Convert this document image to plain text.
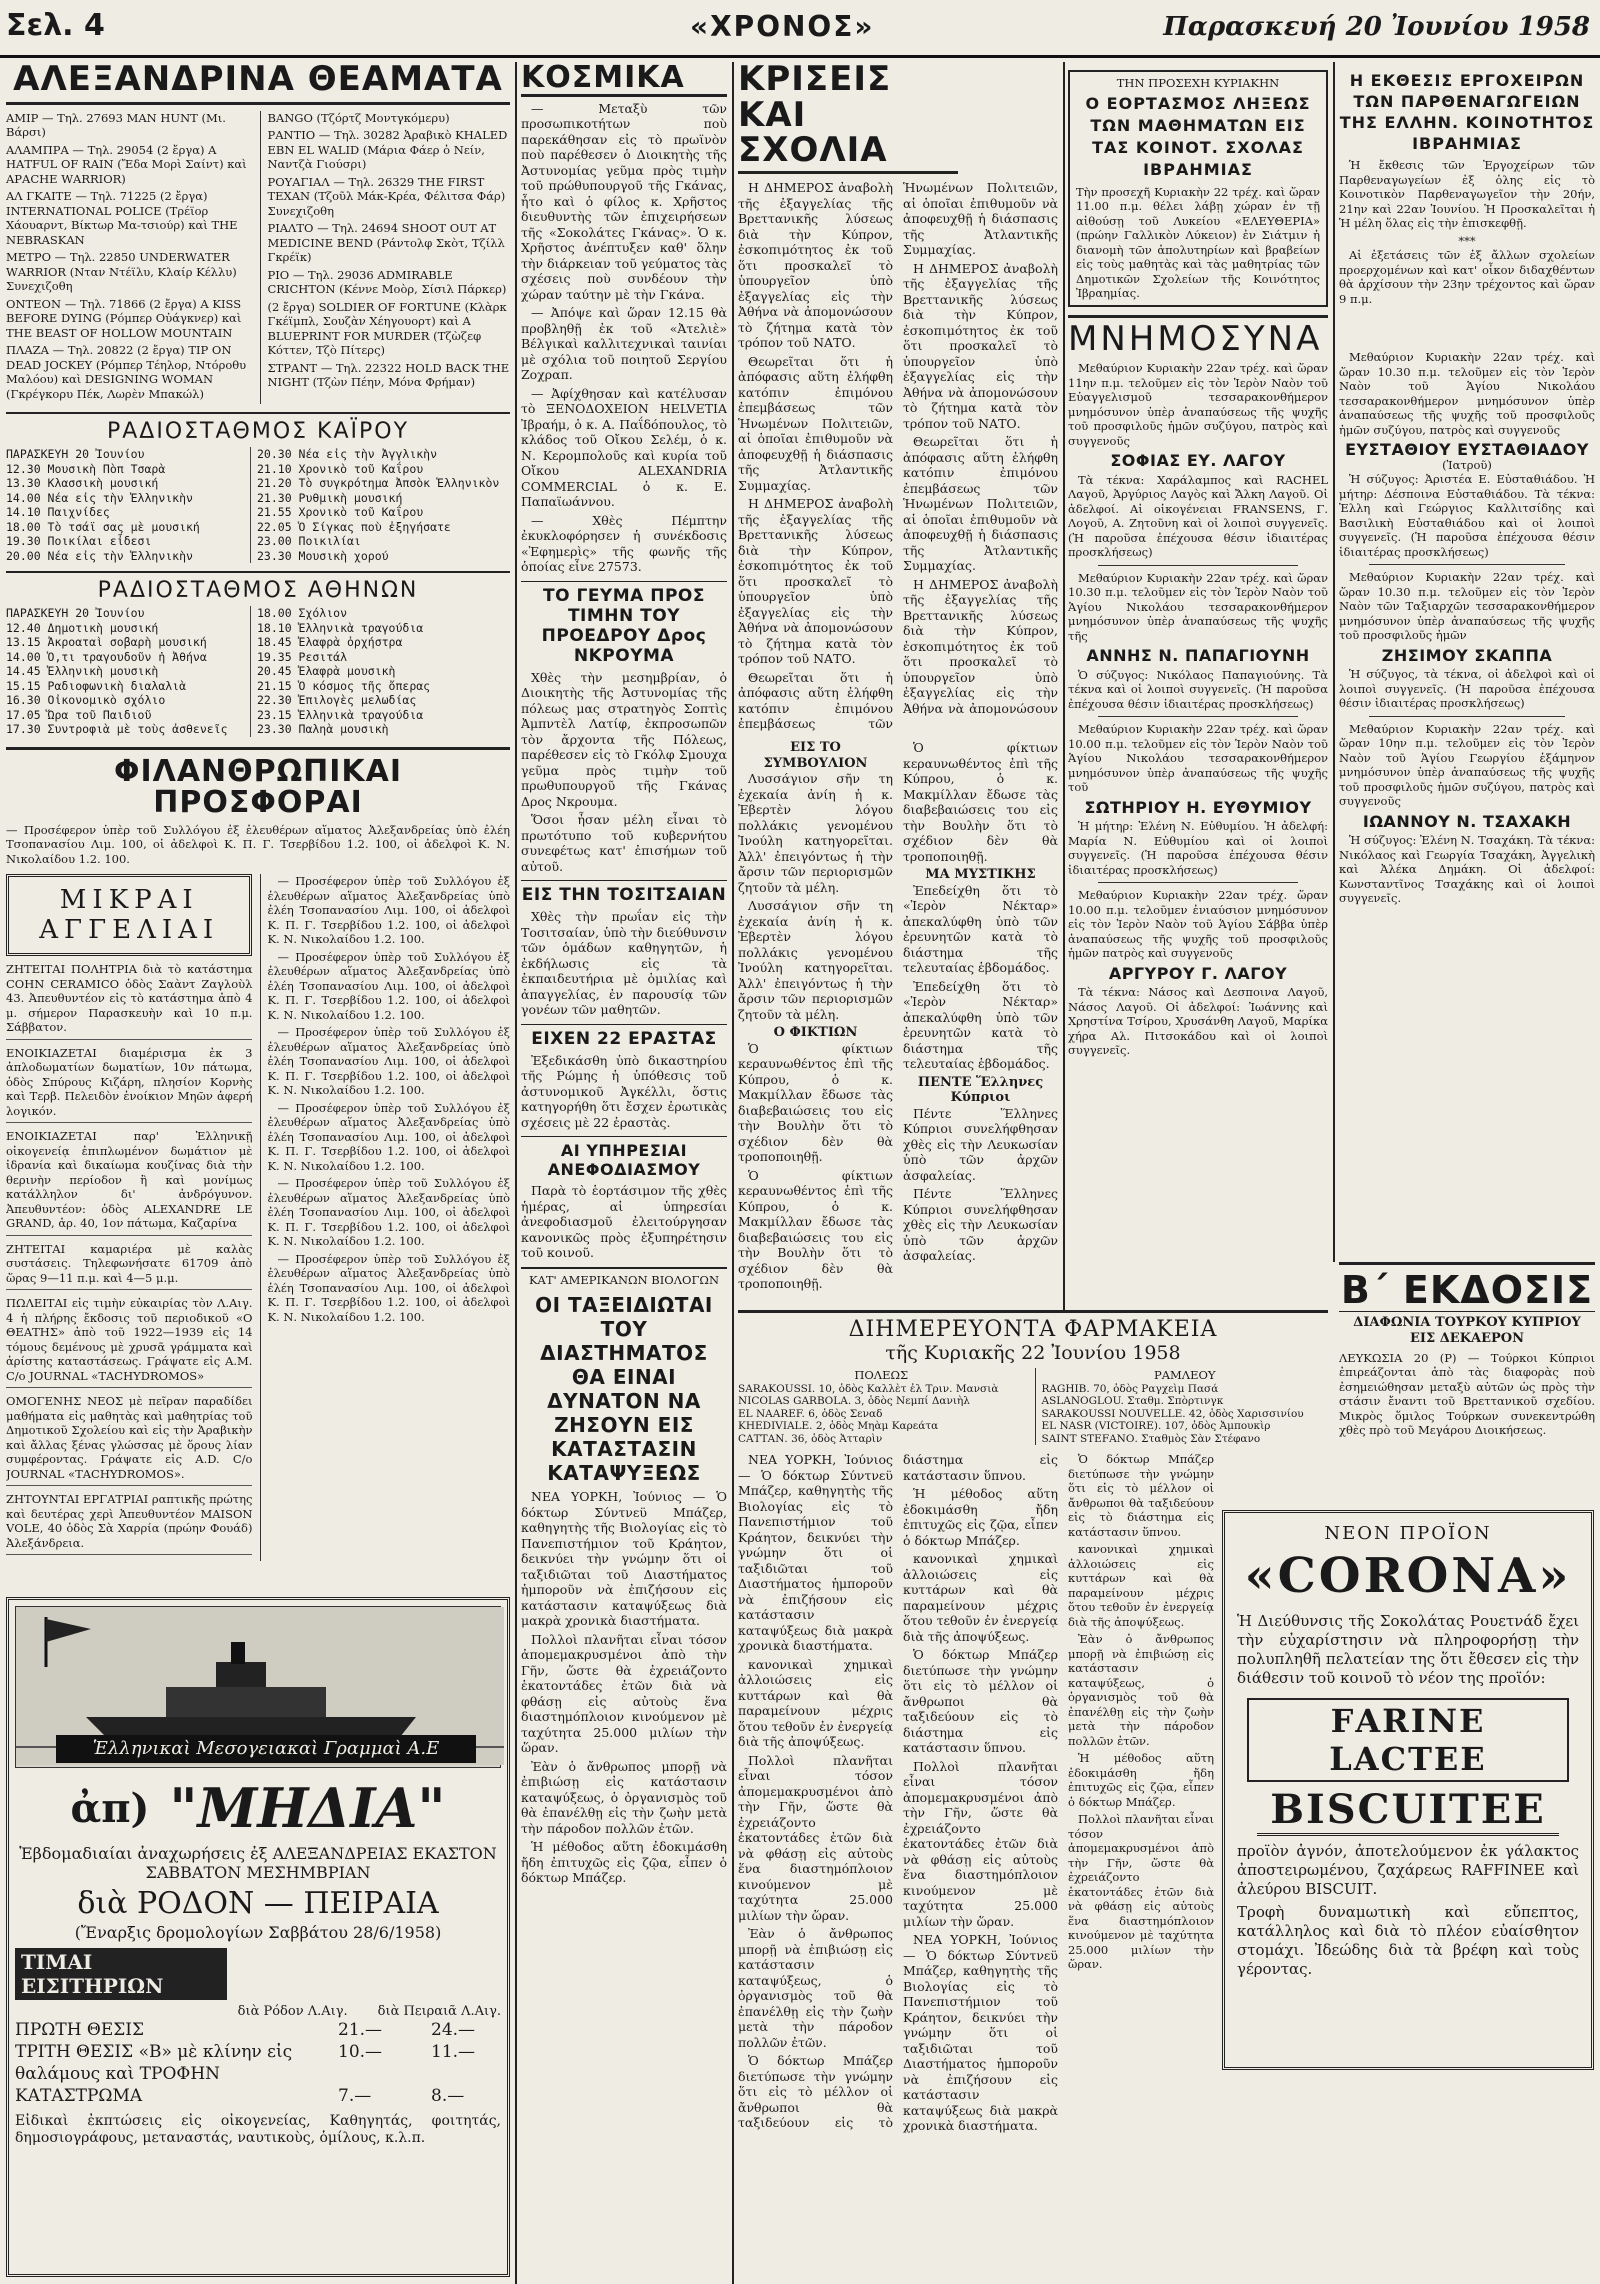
Σελ. 4	«ΧΡΟΝΟΣ»	Παρασκευή 20 Ἰουνίου 1958
ΑΛΕΞΑΝΔΡΙΝΑ ΘΕΑΜΑΤΑ
ΑΜΙΡ — Τηλ. 27693 ΜΑΝ ΗUΝΤ (Μι. Βάρσι)
ΑΛΑΜΠΡΑ — Τηλ. 29054 (2 ἔργα) Α ΗΑΤFUL ΟF RΑΙΝ (Ἔδα Μορὶ Σαίντ) καὶ ΑΡΑCΗΕ WΑRRΙΟR)
ΑΛ ΓΚΑΙΤΕ — Τηλ. 71225 (2 ἔργα) ΙΝΤΕRΝΑΤΙΟΝΑL ΡΟLΙCΕ (Τρέϊορ Χάουαρντ, Βίκτωρ Μα-τσιούρ) καὶ ΤΗΕ ΝΕΒRΑSΚΑΝ
ΜΕΤΡΟ — Τηλ. 22850 UΝDΕRWΑΤΕR WΑRRΙΟR (Νταν Ντέϊλυ, Κλαίρ Κέλλυ) Συνεχιζοθη
ΟΝΤΕΟΝ — Τηλ. 71866 (2 ἔργα) Α ΚΙSS ΒΕFΟRΕ DΥΙΝG (Ρόμπερ Οὐάγκνερ) καὶ ΤΗΕ ΒΕΑSΤ ΟF ΗΟLLΟW ΜΟUΝΤΑΙΝ
ΠΛΑΖΑ — Τηλ. 20822 (2 ἔργα) ΤΙΡ ΟΝ DΕΑD JΟCΚΕΥ (Ρόμπερ Τέηλορ, Ντόροθυ Μαλόου) καὶ DΕSΙGΝΙΝG WΟΜΑΝ (Γκρέγκορυ Πέκ, Λωρὲν Μπακώλ)
ΒΑΝGΟ (Τζόρτζ Μοντγκόμερυ)
ΡΑΝΤΙΟ — Τηλ. 30282 Ἀραβικὸ ΚΗΑLΕD ΕΒΝ ΕL WΑLΙD (Μάρια Φάερ ὁ Νείν, Ναντζὰ Γιούσρι)
ΡΟΥΑΓΙΑΛ — Τηλ. 26329 ΤΗΕ FΙRSΤ ΤΕΧΑΝ (Τζοῦλ Μάκ-Κρέα, Φέλιτσα Φάρ) Συνεχιζοθη
ΡΙΑΛΤΟ — Τηλ. 24694 SΗΟΟΤ ΟUΤ ΑΤ ΜΕDΙCΙΝΕ ΒΕΝD (Ράντολφ Σκὸτ, Τζίλλ Γκρέϊκ)
ΡΙΟ — Τηλ. 29036 ΑDΜΙRΑΒLΕ CRΙCΗΤΟΝ (Κέννε Μοὸρ, Σίσιλ Πάρκερ)
(2 ἔργα) SΟLDΙΕR ΟF FΟRΤUΝΕ (Κλὰρκ Γκέϊμπλ, Σουζὰν Χέηγουορτ) καὶ Α ΒLUΕΡRΙΝΤ FΟR ΜURDΕR (Τζὼζεφ Κόττεν, Τζὸ Πίτερς)
ΣΤΡΑΝΤ — Τηλ. 22322 ΗΟLD ΒΑCΚ ΤΗΕ ΝΙGΗΤ (Τζὼν Πέην, Μόνα Φρήμαν)
ΡΑΔΙΟΣΤΑΘΜΟΣ ΚΑΪΡΟΥ
ΠΑΡΑΣΚΕΥΗ 20 Ἰουνίου
12.30 Μουσικὴ Πὸπ Τσαρὰ
13.30 Κλασσικὴ μουσική
14.00 Νέα εἰς τὴν Ἑλληνικὴν
14.10 Παιχνίδες
18.00 Τὸ τσάϊ σας μὲ μουσική
19.30 Ποικίλαι εἶδεσι
20.00 Νέα εἰς τὴν Ἑλληνικὴν
20.30 Νέα εἰς τὴν Ἀγγλικὴν
21.10 Χρονικὸ τοῦ Καΐρου
21.20 Τὸ συγκρότημα Ἀπσὸκ Ἑλληνικὸν
21.30 Ρυθμικὴ μουσική
21.55 Χρονικὸ τοῦ Καΐρου
22.05 Ὁ Σίγκας ποὺ ἐξηγήσατε
23.00 Ποικιλίαι
23.30 Μουσικὴ χορού
ΡΑΔΙΟΣΤΑΘΜΟΣ ΑΘΗΝΩΝ
ΠΑΡΑΣΚΕΥΗ 20 Ἰουνίου
12.40 Δημοτικὴ μουσική
13.15 Ἀκροαταὶ σοβαρὴ μουσική
14.00 Ὁ,τι τραγουδοῦν ἡ Ἀθήνα
14.45 Ἑλληνικὴ μουσικὴ
15.15 Ραδιοφωνικὴ διαλαλιὰ
16.30 Οἰκονομικὸ σχόλιο
17.05 Ὥρα τοῦ Παιδιοῦ
17.30 Συντροφιὰ μὲ τοὺς ἀσθενεῖς
18.00 Σχόλιον
18.10 Ἑλληνικὰ τραγούδια
18.45 Ἐλαφρὰ ὀρχήστρα
19.35 Ρεσιτάλ
20.45 Ἐλαφρὰ μουσικὴ
21.15 Ὁ κόσμος τῆς ὄπερας
22.30 Ἐπιλογὲς μελωδίας
23.15 Ἑλληνικὰ τραγούδια
23.30 Παληὰ μουσικὴ
ΦΙΛΑΝΘΡΩΠΙΚΑΙ ΠΡΟΣΦΟΡΑΙ
— Προσέφερον ὑπὲρ τοῦ Συλλόγου ἐξ ἐλευθέρων αἵματος Ἀλεξανδρείας ὑπὸ ἐλέη Τσοπανασίου Λιμ. 100, οἱ ἀδελφοὶ Κ. Π. Γ. Τσερβίδου 1.2. 100, οἱ ἀδελφοὶ Κ. Ν. Νικολαίδου 1.2. 100.
ΜΙΚΡΑΙ
ΑΓΓΕΛΙΑΙ
ΖΗΤΕΙΤΑΙ ΠΟΛΗΤΡΙΑ διὰ τὸ κατάστημα CΟΗΝ CΕRΑΜΙCΟ ὁδὸς Σαὰντ Ζαγλοὺλ 43. Ἀπευθυντέον εἰς τὸ κατάστημα ἀπὸ 4 μ. σήμερον Παρασκευὴν καὶ 10 π.μ. Σάββατον.
ΕΝΟΙΚΙΑΖΕΤΑΙ διαμέρισμα ἐκ 3 ἀπλοδωματίων δωματίων, 10ν πάτωμα, ὁδὸς Σπύρους Κιζάρη, πλησίον Κορνὴς καὶ Τερβ. Πελειδὸν ἐνοίκιον Μηῶν ἀφερή λογικόν.
ΕΝΟΙΚΙΑΖΕΤΑΙ παρ' Ἑλληνικῇ οἰκογενείᾳ ἐπιπλωμένον δωμάτιον μὲ ἰδρανία καὶ δικαίωμα κουζίνας διὰ τὴν θερινὴν περίοδον ἢ καὶ μονίμως κατάλληλον δι' ἀνδρόγυνον. Ἀπευθυντέον: ὁδὸς ΑLΕΧΑΝDRΕ LΕ GRΑΝD, ἀρ. 40, 1ον πάτωμα, Καζαρίνα
ΖΗΤΕΙΤΑΙ καμαριέρα μὲ καλὰς συστάσεις. Τηλεφωνήσατε 61709 ἀπὸ ὥρας 9—11 π.μ. καὶ 4—5 μ.μ.
ΠΩΛΕΙΤΑΙ εἰς τιμὴν εὐκαιρίας τὸν Λ.Αιγ. 4 ἡ πλήρης ἔκδοσις τοῦ περιοδικοῦ «Ο ΘΕΑΤΗΣ» ἀπὸ τοῦ 1922—1939 εἰς 14 τόμους δεμένους μὲ χρυσᾶ γράμματα καὶ ἀρίστης καταστάσεως. Γράψατε εἰς Α.Μ. C/ο JΟURΝΑL «ΤΑCΗΥDRΟΜΟS»
ΟΜΟΓΕΝΗΣ ΝΕΟΣ μὲ πεῖραν παραδίδει μαθήματα εἰς μαθητὰς καὶ μαθητρίας τοῦ Δημοτικοῦ Σχολείου καὶ εἰς τὴν Ἀραβικὴν καὶ ἄλλας ξένας γλώσσας μὲ ὅρους λίαν συμφέροντας. Γράψατε εἰς Α.D. C/ο JΟURΝΑL «ΤΑCΗΥDRΟΜΟS».
ΖΗΤΟΥΝΤΑΙ ΕΡΓΑΤΡΙΑΙ ραπτικῆς πρώτης καὶ δευτέρας χερὶ Ἀπευθυντέον ΜΑΙSΟΝ VΟLΕ, 40 ὁδὸς Σὰ Χαρρία (πρώην Φουάδ) Ἀλεξάνδρεια.

— Προσέφερον ὑπὲρ τοῦ Συλλόγου ἐξ ἐλευθέρων αἵματος Ἀλεξανδρείας ὑπὸ ἐλέη Τσοπανασίου Λιμ. 100, οἱ ἀδελφοὶ Κ. Π. Γ. Τσερβίδου 1.2. 100, οἱ ἀδελφοὶ Κ. Ν. Νικολαίδου 1.2. 100.

— Προσέφερον ὑπὲρ τοῦ Συλλόγου ἐξ ἐλευθέρων αἵματος Ἀλεξανδρείας ὑπὸ ἐλέη Τσοπανασίου Λιμ. 100, οἱ ἀδελφοὶ Κ. Π. Γ. Τσερβίδου 1.2. 100, οἱ ἀδελφοὶ Κ. Ν. Νικολαίδου 1.2. 100.

— Προσέφερον ὑπὲρ τοῦ Συλλόγου ἐξ ἐλευθέρων αἵματος Ἀλεξανδρείας ὑπὸ ἐλέη Τσοπανασίου Λιμ. 100, οἱ ἀδελφοὶ Κ. Π. Γ. Τσερβίδου 1.2. 100, οἱ ἀδελφοὶ Κ. Ν. Νικολαίδου 1.2. 100.

— Προσέφερον ὑπὲρ τοῦ Συλλόγου ἐξ ἐλευθέρων αἵματος Ἀλεξανδρείας ὑπὸ ἐλέη Τσοπανασίου Λιμ. 100, οἱ ἀδελφοὶ Κ. Π. Γ. Τσερβίδου 1.2. 100, οἱ ἀδελφοὶ Κ. Ν. Νικολαίδου 1.2. 100.

— Προσέφερον ὑπὲρ τοῦ Συλλόγου ἐξ ἐλευθέρων αἵματος Ἀλεξανδρείας ὑπὸ ἐλέη Τσοπανασίου Λιμ. 100, οἱ ἀδελφοὶ Κ. Π. Γ. Τσερβίδου 1.2. 100, οἱ ἀδελφοὶ Κ. Ν. Νικολαίδου 1.2. 100.

— Προσέφερον ὑπὲρ τοῦ Συλλόγου ἐξ ἐλευθέρων αἵματος Ἀλεξανδρείας ὑπὸ ἐλέη Τσοπανασίου Λιμ. 100, οἱ ἀδελφοὶ Κ. Π. Γ. Τσερβίδου 1.2. 100, οἱ ἀδελφοὶ Κ. Ν. Νικολαίδου 1.2. 100.

Ἑλληνικαὶ Μεσογειακαὶ Γραμμαὶ Α.Ε
ἀπ) "ΜΗΔΙΑ"
Ἑβδομαδιαίαι ἀναχωρήσεις ἐξ ΑΛΕΞΑΝΔΡΕΙΑΣ ΕΚΑΣΤΟΝ ΣΑΒΒΑΤΟΝ ΜΕΣΗΜΒΡΙΑΝ
διὰ ΡΟΔΟΝ — ΠΕΙΡΑΙΑ
(Ἔναρξις δρομολογίων Σαββάτου 28/6/1958)
ΤΙΜΑΙ ΕΙΣΙΤΗΡΙΩΝ
διὰ Ρόδον Λ.Αιγ. διὰ Πειραιᾶ Λ.Αιγ.
ΠΡΩΤΗ ΘΕΣΙΣ	21.—	24.—
ΤΡΙΤΗ ΘΕΣΙΣ «Β» μὲ κλίνην εἰς θαλάμους καὶ ΤΡΟΦΗΝ
10.—	11.—
ΚΑΤΑΣΤΡΩΜΑ	7.—	8.—
Εἰδικαὶ ἐκπτώσεις εἰς οἰκογενείας, Καθηγητάς, φοιτητάς, δημοσιογράφους, μεταναστάς, ναυτικοὺς, ὁμίλους, κ.λ.π.
ΚΟΣΜΙΚΑ

— Μεταξὺ τῶν προσωπικοτήτων ποὺ παρεκάθησαν εἰς τὸ πρωϊνὸν ποὺ παρέθεσεν ὁ Διοικητὴς τῆς Ἀστυνομίας γεῦμα πρὸς τιμὴν τοῦ πρώθυπουργοῦ τῆς Γκάνας, ἦτο καὶ ὁ φίλος κ. Χρῆστος διευθυντὴς τῶν ἐπιχειρήσεων τῆς «Σοκολάτες Γκάνας». Ὁ κ. Χρῆστος ἀνέπτυξεν καθ' ὅλην τὴν διάρκειαν τοῦ γεύματος τὰς σχέσεις ποὺ συνδέουν τὴν χώραν ταύτην μὲ τὴν Γκάνα.

— Ἀπόψε καὶ ὥραν 12.15 θὰ προβληθῇ ἐκ τοῦ «Ἀτελιὲ» Βέλγικαὶ καλλιτεχνικαὶ ταινίαι μὲ σχόλια τοῦ ποιητοῦ Σεργίου Ζοχραπ.

— Ἀφίχθησαν καὶ κατέλυσαν τὸ ΞΕΝΟΔΟΧΕΙΟΝ ΗΕLVΕΤΙΑ Ἰβραήμ, ὁ κ. Α. Παΐδόπουλος, τὸ κλάδος τοῦ Οἴκου Σελέμ, ὁ κ. Ν. Κερομπολοῦς καὶ κυρία τοῦ Οἴκου ΑLΕΧΑΝDRΙΑ CΟΜΜΕRCΙΑL ὁ κ. Ε. Παπαϊωάννου.

— Χθὲς Πέμπτην ἐκυκλοφόρησεν ἡ συνέκδοσις «Ἐφημερὶς» τῆς φωνῆς τῆς ὁποίας εἶνε 27573.

ΤΟ ΓΕΥΜΑ ΠΡΟΣ ΤΙΜΗΝ ΤΟΥ ΠΡΟΕΔΡΟΥ Δρος ΝΚΡΟΥΜΑ

Χθὲς τὴν μεσημβρίαν, ὁ Διοικητὴς τῆς Ἀστυνομίας τῆς πόλεως μας στρατηγὸς Σοπτὶς Ἀμπντὲλ Λατίφ, ἐκπροσωπῶν τὸν ἄρχοντα τῆς Πόλεως, παρέθεσεν εἰς τὸ Γκόλφ Σμουχα γεῦμα πρὸς τιμὴν τοῦ πρωθυπουργοῦ τῆς Γκάνας Δρος Νκρουμα.

Ὅσοι ἦσαν μέλη εἶναι τὸ πρωτότυπο τοῦ κυβερνήτου συνεφέτως κατ' ἐπισήμων τοῦ αὐτοῦ.

ΕΙΣ ΤΗΝ ΤΟΣΙΤΣΑΙΑΝ

Χθὲς τὴν πρωΐαν εἰς τὴν Τοσιτσαίαν, ὑπὸ τὴν διεύθυνσιν τῶν ὁμάδων καθηγητῶν, ἡ ἐκδήλωσις εἰς τὰ ἐκπαιδευτήρια μὲ ὁμιλίας καὶ ἀπαγγελίας, ἐν παρουσίᾳ τῶν γονέων τῶν μαθητῶν.

ΕΙΧΕΝ 22 ΕΡΑΣΤΑΣ

Ἐξεδικάσθη ὑπὸ δικαστηρίου τῆς Ρώμης ἡ ὑπόθεσις τοῦ ἀστυνομικοῦ Ἀγκέλλι, ὅστις κατηγορήθη ὅτι ἔσχεν ἐρωτικὰς σχέσεις μὲ 22 ἐραστὰς.

ΑΙ ΥΠΗΡΕΣΙΑΙ ΑΝΕΦΟΔΙΑΣΜΟΥ

Παρὰ τὸ ἑορτάσιμον τῆς χθὲς ἡμέρας, αἱ ὑπηρεσίαι ἀνεφοδιασμοῦ ἐλειτούργησαν κανονικῶς πρὸς ἐξυπηρέτησιν τοῦ κοινοῦ.

ΚΑΤ' ΑΜΕΡΙΚΑΝΩΝ ΒΙΟΛΟΓΩΝ
ΟΙ ΤΑΞΕΙΔΙΩΤΑΙ ΤΟΥ ΔΙΑΣΤΗΜΑΤΟΣ ΘΑ ΕΙΝΑΙ ΔΥΝΑΤΟΝ ΝΑ ΖΗΣΟΥΝ ΕΙΣ ΚΑΤΑΣΤΑΣΙΝ ΚΑΤΑΨΥΞΕΩΣ

ΝΕΑ ΥΟΡΚΗ, Ἰούνιος — Ὁ δόκτωρ Σύντνεϋ Μπάζερ, καθηγητὴς τῆς Βιολογίας εἰς τὸ Πανεπιστήμιον τοῦ Κράητον, δεικνύει τὴν γνώμην ὅτι οἱ ταξιδιῶται τοῦ Διαστήματος ἡμποροῦν νὰ ἐπιζήσουν εἰς κατάστασιν καταψύξεως διὰ μακρὰ χρονικὰ διαστήματα.

Πολλοὶ πλανῆται εἶναι τόσον ἀπομεμακρυσμένοι ἀπὸ τὴν Γῆν, ὥστε θὰ ἐχρειάζοντο ἑκατοντάδες ἐτῶν διὰ νὰ φθάσῃ εἰς αὐτοὺς ἕνα διαστημόπλοιον κινούμενον μὲ ταχύτητα 25.000 μιλίων τὴν ὥραν.

Ἐὰν ὁ ἄνθρωπος μπορῇ νὰ ἐπιβιώσῃ εἰς κατάστασιν καταψύξεως, ὁ ὀργανισμὸς τοῦ θὰ ἐπανέλθῃ εἰς τὴν ζωὴν μετὰ τὴν πάροδον πολλῶν ἐτῶν.

Ἡ μέθοδος αὕτη ἐδοκιμάσθη ἤδη ἐπιτυχῶς εἰς ζῷα, εἶπεν ὁ δόκτωρ Μπάζερ.

ΚΡΙΣΕΙΣ ΚΑΙ ΣΧΟΛΙΑ

Η ΔΗΜΕΡΟΣ ἀναβολὴ τῆς ἐξαγγελίας τῆς Βρεττανικῆς λύσεως διὰ τὴν Κύπρον, ἐσκοπιμότητος ἐκ τοῦ ὅτι προσκαλεῖ τὸ ὑπουργεῖον ὑπὸ ἐξαγγελίας εἰς τὴν Ἀθήνα νὰ ἀπομονώσουν τὸ ζήτημα κατὰ τὸν τρόπον τοῦ ΝΑΤΟ.

Θεωρεῖται ὅτι ἡ ἀπόφασις αὕτη ἐλήφθη κατόπιν ἐπιμόνου ἐπεμβάσεως τῶν Ἡνωμένων Πολιτειῶν, αἱ ὁποῖαι ἐπιθυμοῦν νὰ ἀποφευχθῇ ἡ διάσπασις τῆς Ἀτλαντικῆς Συμμαχίας.

Η ΔΗΜΕΡΟΣ ἀναβολὴ τῆς ἐξαγγελίας τῆς Βρεττανικῆς λύσεως διὰ τὴν Κύπρον, ἐσκοπιμότητος ἐκ τοῦ ὅτι προσκαλεῖ τὸ ὑπουργεῖον ὑπὸ ἐξαγγελίας εἰς τὴν Ἀθήνα νὰ ἀπομονώσουν τὸ ζήτημα κατὰ τὸν τρόπον τοῦ ΝΑΤΟ.

Θεωρεῖται ὅτι ἡ ἀπόφασις αὕτη ἐλήφθη κατόπιν ἐπιμόνου ἐπεμβάσεως τῶν Ἡνωμένων Πολιτειῶν, αἱ ὁποῖαι ἐπιθυμοῦν νὰ ἀποφευχθῇ ἡ διάσπασις τῆς Ἀτλαντικῆς Συμμαχίας.

Η ΔΗΜΕΡΟΣ ἀναβολὴ τῆς ἐξαγγελίας τῆς Βρεττανικῆς λύσεως διὰ τὴν Κύπρον, ἐσκοπιμότητος ἐκ τοῦ ὅτι προσκαλεῖ τὸ ὑπουργεῖον ὑπὸ ἐξαγγελίας εἰς τὴν Ἀθήνα νὰ ἀπομονώσουν τὸ ζήτημα κατὰ τὸν τρόπον τοῦ ΝΑΤΟ.

Θεωρεῖται ὅτι ἡ ἀπόφασις αὕτη ἐλήφθη κατόπιν ἐπιμόνου ἐπεμβάσεως τῶν Ἡνωμένων Πολιτειῶν, αἱ ὁποῖαι ἐπιθυμοῦν νὰ ἀποφευχθῇ ἡ διάσπασις τῆς Ἀτλαντικῆς Συμμαχίας.

Η ΔΗΜΕΡΟΣ ἀναβολὴ τῆς ἐξαγγελίας τῆς Βρεττανικῆς λύσεως διὰ τὴν Κύπρον, ἐσκοπιμότητος ἐκ τοῦ ὅτι προσκαλεῖ τὸ ὑπουργεῖον ὑπὸ ἐξαγγελίας εἰς τὴν Ἀθήνα νὰ ἀπομονώσουν

ΕΙΣ ΤΟ ΣΥΜΒΟΥΛΙΟΝ

Λυσσάγιον σῆν τη ἐχεκαία ἀνίη ἡ κ. Ἐβερτὲν λόγου πολλάκις γενομένου Ἰνούλη κατηγορεῖται. Ἀλλ' ἐπειγόντως ἡ τὴν ἄρσιν τῶν περιορισμῶν ζητοῦν τὰ μέλη.

Λυσσάγιον σῆν τη ἐχεκαία ἀνίη ἡ κ. Ἐβερτὲν λόγου πολλάκις γενομένου Ἰνούλη κατηγορεῖται. Ἀλλ' ἐπειγόντως ἡ τὴν ἄρσιν τῶν περιορισμῶν ζητοῦν τὰ μέλη.

Ο ΦΙΚΤΙΩΝ

Ὁ φίκτιων κεραυνωθέντος ἐπὶ τῆς Κύπρου, ὁ κ. Μακμίλλαν ἔδωσε τὰς διαβεβαιώσεις του εἰς τὴν Βουλὴν ὅτι τὸ σχέδιον δὲν θὰ τροποποιηθῇ.

Ὁ φίκτιων κεραυνωθέντος ἐπὶ τῆς Κύπρου, ὁ κ. Μακμίλλαν ἔδωσε τὰς διαβεβαιώσεις του εἰς τὴν Βουλὴν ὅτι τὸ σχέδιον δὲν θὰ τροποποιηθῇ.

Ὁ φίκτιων κεραυνωθέντος ἐπὶ τῆς Κύπρου, ὁ κ. Μακμίλλαν ἔδωσε τὰς διαβεβαιώσεις του εἰς τὴν Βουλὴν ὅτι τὸ σχέδιον δὲν θὰ τροποποιηθῇ.

ΜΑ ΜΥΣΤΙΚΗΣ

Ἐπεδείχθη ὅτι τὸ «Ἱερὸν Νέκταρ» ἀπεκαλύφθη ὑπὸ τῶν ἐρευνητῶν κατὰ τὸ διάστημα τῆς τελευταίας ἑβδομάδος.

Ἐπεδείχθη ὅτι τὸ «Ἱερὸν Νέκταρ» ἀπεκαλύφθη ὑπὸ τῶν ἐρευνητῶν κατὰ τὸ διάστημα τῆς τελευταίας ἑβδομάδος.

ΠΕΝΤΕ Ἕλληνες Κύπριοι

Πέντε Ἕλληνες Κύπριοι συνελήφθησαν χθὲς εἰς τὴν Λευκωσίαν ὑπὸ τῶν ἀρχῶν ἀσφαλείας.

Πέντε Ἕλληνες Κύπριοι συνελήφθησαν χθὲς εἰς τὴν Λευκωσίαν ὑπὸ τῶν ἀρχῶν ἀσφαλείας.

ΔΙΗΜΕΡΕΥΟΝΤΑ ΦΑΡΜΑΚΕΙΑ
τῆς Κυριακῆς 22 Ἰουνίου 1958
ΠΟΛΕΩΣ
SARΑΚΟUSSΙ. 10, ὁδὸς Καλλὲτ ἐλ Τριν. Μανσιὰ
ΝΙCΟLΑS GΑRΒΟLΑ. 3, ὁδὸς Νεμπί Δανιὴλ
ΕL ΝΑΑRΕF. 6, ὁδὸς Σεναδ
ΚΗΕDΙVΙΑLΕ. 2, ὁδὸς Μηὰμ Καρεάτα
CΑΤΤΑΝ. 36, ὁδὸς Ἀτταρὶν
ΡΑΜΛΕΟΥ
RΑGΗΙΒ. 70, ὁδὸς Ραγχεὶμ Πασά
ΑSLΑΝΟGLΟU. Σταθμ. Σπὸρτινγκ
SΑRΑΚΟUSSΙ ΝΟUVΕLLΕ. 42, ὁδὸς Χαρισσινίου
ΕL ΝΑSR (VΙCΤΟΙRΕ). 107, ὁδὸς Ἀμπουκὶρ
SΑΙΝΤ SΤΕFΑΝΟ. Σταθμὸς Σὰν Στέφανο

ΝΕΑ ΥΟΡΚΗ, Ἰούνιος — Ὁ δόκτωρ Σύντνεϋ Μπάζερ, καθηγητὴς τῆς Βιολογίας εἰς τὸ Πανεπιστήμιον τοῦ Κράητον, δεικνύει τὴν γνώμην ὅτι οἱ ταξιδιῶται τοῦ Διαστήματος ἡμποροῦν νὰ ἐπιζήσουν εἰς κατάστασιν καταψύξεως διὰ μακρὰ χρονικὰ διαστήματα.

κανονικαὶ χημικαὶ ἀλλοιώσεις εἰς κυττάρων καὶ θὰ παραμείνουν μέχρις ὅτου τεθοῦν ἐν ἐνεργείᾳ διὰ τῆς ἀποψύξεως.

Πολλοὶ πλανῆται εἶναι τόσον ἀπομεμακρυσμένοι ἀπὸ τὴν Γῆν, ὥστε θὰ ἐχρειάζοντο ἑκατοντάδες ἐτῶν διὰ νὰ φθάσῃ εἰς αὐτοὺς ἕνα διαστημόπλοιον κινούμενον μὲ ταχύτητα 25.000 μιλίων τὴν ὥραν.

Ἐὰν ὁ ἄνθρωπος μπορῇ νὰ ἐπιβιώσῃ εἰς κατάστασιν καταψύξεως, ὁ ὀργανισμὸς τοῦ θὰ ἐπανέλθῃ εἰς τὴν ζωὴν μετὰ τὴν πάροδον πολλῶν ἐτῶν.

Ὁ δόκτωρ Μπάζερ διετύπωσε τὴν γνώμην ὅτι εἰς τὸ μέλλον οἱ ἄνθρωποι θὰ ταξιδεύουν εἰς τὸ διάστημα εἰς κατάστασιν ὕπνου.

Ἡ μέθοδος αὕτη ἐδοκιμάσθη ἤδη ἐπιτυχῶς εἰς ζῷα, εἶπεν ὁ δόκτωρ Μπάζερ.

κανονικαὶ χημικαὶ ἀλλοιώσεις εἰς κυττάρων καὶ θὰ παραμείνουν μέχρις ὅτου τεθοῦν ἐν ἐνεργείᾳ διὰ τῆς ἀποψύξεως.

Ὁ δόκτωρ Μπάζερ διετύπωσε τὴν γνώμην ὅτι εἰς τὸ μέλλον οἱ ἄνθρωποι θὰ ταξιδεύουν εἰς τὸ διάστημα εἰς κατάστασιν ὕπνου.

Πολλοὶ πλανῆται εἶναι τόσον ἀπομεμακρυσμένοι ἀπὸ τὴν Γῆν, ὥστε θὰ ἐχρειάζοντο ἑκατοντάδες ἐτῶν διὰ νὰ φθάσῃ εἰς αὐτοὺς ἕνα διαστημόπλοιον κινούμενον μὲ ταχύτητα 25.000 μιλίων τὴν ὥραν.

ΝΕΑ ΥΟΡΚΗ, Ἰούνιος — Ὁ δόκτωρ Σύντνεϋ Μπάζερ, καθηγητὴς τῆς Βιολογίας εἰς τὸ Πανεπιστήμιον τοῦ Κράητον, δεικνύει τὴν γνώμην ὅτι οἱ ταξιδιῶται τοῦ Διαστήματος ἡμποροῦν νὰ ἐπιζήσουν εἰς κατάστασιν καταψύξεως διὰ μακρὰ χρονικὰ διαστήματα.

ΤΗΝ ΠΡΟΣΕΧΗ ΚΥΡΙΑΚΗΝ
Ο ΕΟΡΤΑΣΜΟΣ ΛΗΞΕΩΣ ΤΩΝ ΜΑΘΗΜΑΤΩΝ ΕΙΣ ΤΑΣ ΚΟΙΝΟΤ. ΣΧΟΛΑΣ ΙΒΡΑΗΜΙΑΣ
Τὴν προσεχῆ Κυριακὴν 22 τρέχ. καὶ ὥραν 11.00 π.μ. θέλει λάβῃ χώραν ἐν τῇ αἰθούσῃ τοῦ Λυκείου «ΕΛΕΥΘΕΡΙΑ» (πρώην Γαλλικὸν Λύκειον) ἐν Σιάτμιν ἡ διανομὴ τῶν ἀπολυτηρίων καὶ βραβείων εἰς τοὺς μαθητὰς καὶ τὰς μαθητρίας τῶν Δημοτικῶν Σχολείων τῆς Κοινότητος Ἰβραημίας.
ΜΝΗΜΟΣΥΝΑ

Μεθαύριον Κυριακὴν 22αν τρέχ. καὶ ὥραν 11ην π.μ. τελοῦμεν εἰς τὸν Ἱερὸν Ναὸν τοῦ Εὐαγγελισμοῦ τεσσαρακονθήμερον μνημόσυνον ὑπὲρ ἀναπαύσεως τῆς ψυχῆς τοῦ προσφιλοῦς ἡμῶν συζύγου, πατρὸς καὶ συγγενοῦς

ΣΟΦΙΑΣ ΕΥ. ΛΑΓΟΥ

Τὰ τέκνα: Χαράλαμπος καὶ RΑCΗΕL Λαγοῦ, Ἀργύριος Λαγὸς καὶ Ἄλκη Λαγοῦ. Οἱ ἀδελφοί. Αἱ οἰκογένειαι FRΑΝSΕΝS, Γ. Λογοῦ, Α. Ζητοῦνη καὶ οἱ λοιποὶ συγγενεῖς. (Ἡ παροῦσα ἐπέχουσα θέσιν ἰδιαιτέρας προσκλήσεως)

Μεθαύριον Κυριακὴν 22αν τρέχ. καὶ ὥραν 10.30 π.μ. τελοῦμεν εἰς τὸν Ἱερὸν Ναὸν τοῦ Ἁγίου Νικολάου τεσσαρακονθήμερον μνημόσυνον ὑπὲρ ἀναπαύσεως τῆς ψυχῆς τῆς

ΑΝΝΗΣ Ν. ΠΑΠΑΓΙΟΥΝΗ

Ὁ σύζυγος: Νικόλαος Παπαγιούνης. Τὰ τέκνα καὶ οἱ λοιποὶ συγγενεῖς. (Ἡ παροῦσα ἐπέχουσα θέσιν ἰδιαιτέρας προσκλήσεως)

Μεθαύριον Κυριακὴν 22αν τρέχ. καὶ ὥραν 10.00 π.μ. τελοῦμεν εἰς τὸν Ἱερὸν Ναὸν τοῦ Ἁγίου Νικολάου τεσσαρακονθήμερον μνημόσυνον ὑπὲρ ἀναπαύσεως τῆς ψυχῆς τοῦ

ΣΩΤΗΡΙΟΥ Η. ΕΥΘΥΜΙΟΥ

Ἡ μήτηρ: Ἐλένη Ν. Εὐθυμίου. Ἡ ἀδελφή: Μαρία Ν. Εὐθυμίου καὶ οἱ λοιποὶ συγγενεῖς. (Ἡ παροῦσα ἐπέχουσα θέσιν ἰδιαιτέρας προσκλήσεως)

Μεθαύριον Κυριακὴν 22αν τρέχ. ὥραν 10.00 π.μ. τελοῦμεν ἐνιαύσιον μνημόσυνον εἰς τὸν Ἱερὸν Ναὸν τοῦ Ἁγίου Σάββα ὑπὲρ ἀναπαύσεως τῆς ψυχῆς τοῦ προσφιλοῦς ἡμῶν πατρὸς καὶ συγγενοῦς

ΑΡΓΥΡΟΥ Γ. ΛΑΓΟΥ

Τὰ τέκνα: Νάσος καὶ Δεσποινα Λαγοῦ, Νάσος Λαγοῦ. Οἱ ἀδελφοί: Ἰωάννης καὶ Χρηστίνα Τσίρου, Χρυσάνθη Λαγοῦ, Μαρίκα χήρα Αλ. Πιτσοκάδου καὶ οἱ λοιποὶ συγγενεῖς.

Η ΕΚΘΕΣΙΣ ΕΡΓΟΧΕΙΡΩΝ ΤΩΝ ΠΑΡΘΕΝΑΓΩΓΕΙΩΝ ΤΗΣ ΕΛΛΗΝ. ΚΟΙΝΟΤΗΤΟΣ ΙΒΡΑΗΜΙΑΣ

Ἡ ἔκθεσις τῶν Ἐργοχείρων τῶν Παρθεναγωγείων ἐξ ὁλης εἰς τὸ Κοινοτικὸν Παρθεναγωγεῖον τὴν 20ήν, 21ην καὶ 22αν Ἰουνίου. Ἡ Προσκαλεῖται ἡ Ἡ μέλη ὅλας εἰς τὴν ἐπισκεφθῇ.

***

Αἱ ἐξετάσεις τῶν ἐξ ἄλλων σχολείων προερχομένων καὶ κατ' οἶκον διδαχθέντων θὰ ἀρχίσουν τὴν 23ην τρέχοντος καὶ ὥραν 9 π.μ.

Μεθαύριον Κυριακὴν 22αν τρέχ. καὶ ὥραν 10.30 π.μ. τελοῦμεν εἰς τὸν Ἱερὸν Ναὸν τοῦ Ἁγίου Νικολάου τεσσαρακονθήμερον μνημόσυνον ὑπὲρ ἀναπαύσεως τῆς ψυχῆς τοῦ προσφιλοῦς ἡμῶν συζύγου, πατρὸς καὶ συγγενοῦς

ΕΥΣΤΑΘΙΟΥ ΕΥΣΤΑΘΙΑΔΟΥ
(Ἰατροῦ)

Ἡ σύζυγος: Ἀριστέα Ε. Εὐσταθιάδου. Ἡ μήτηρ: Δέσποινα Εὐσταθιάδου. Τὰ τέκνα: Ἐλλη καὶ Γεώργιος Καλλιτσίδης καὶ Βασιλικὴ Εὐσταθιάδου καὶ οἱ λοιποὶ συγγενεῖς. (Ἡ παροῦσα ἐπέχουσα θέσιν ἰδιαιτέρας προσκλήσεως)

Μεθαύριον Κυριακὴν 22αν τρέχ. καὶ ὥραν 10.30 π.μ. τελοῦμεν εἰς τὸν Ἱερὸν Ναὸν τῶν Ταξιαρχῶν τεσσαρακονθήμερον μνημόσυνον ὑπὲρ ἀναπαύσεως τῆς ψυχῆς τοῦ προσφιλοῦς ἡμῶν

ΖΗΣΙΜΟΥ ΣΚΑΠΠΑ

Ἡ σύζυγος, τὰ τέκνα, οἱ ἀδελφοὶ καὶ οἱ λοιποὶ συγγενεῖς. (Ἡ παροῦσα ἐπέχουσα θέσιν ἰδιαιτέρας προσκλήσεως)

Μεθαύριον Κυριακὴν 22αν τρέχ. καὶ ὥραν 10ην π.μ. τελοῦμεν εἰς τὸν Ἱερὸν Ναὸν τοῦ Ἁγίου Γεωργίου ἑξάμηνον μνημόσυνον ὑπὲρ ἀναπαύσεως τῆς ψυχῆς τοῦ προσφιλοῦς ἡμῶν συζύγου, πατρὸς καὶ συγγενοῦς

ΙΩΑΝΝΟΥ Ν. ΤΣΑΧΑΚΗ

Ἡ σύζυγος: Ἐλένη Ν. Τσαχάκη. Τὰ τέκνα: Νικόλαος καὶ Γεωργία Τσαχάκη, Ἀγγελικὴ καὶ Ἀλέκα Δημάκη. Οἱ ἀδελφοί: Κωνσταντῖνος Τσαχάκης καὶ οἱ λοιποὶ συγγενεῖς.

Β΄ ΕΚΔΟΣΙΣ
ΔΙΑΦΩΝΙΑ ΤΟΥΡΚΟΥ ΚΥΠΡΙΟΥ ΕΙΣ ΔΕΚΑΕΡΟΝ
ΛΕΥΚΩΣΙΑ 20 (Ρ) — Τούρκοι Κύπριοι ἐπιρεάζονται ἀπὸ τὰς διαφορὰς ποὺ ἐσημειώθησαν μεταξὺ αὐτῶν ὡς πρὸς τὴν στάσιν ἔναντι τοῦ Βρεττανικοῦ σχεδίου. Μικρὸς ὅμιλος Τούρκων συνεκεντρώθη χθὲς πρὸ τοῦ Μεγάρου Διοικήσεως.
ΝΕΟΝ ΠΡΟΪΟΝ
«CΟRΟΝΑ»
Ἡ Διεύθυνσις τῆς Σοκολάτας Ρουετνάδ ἔχει τὴν εὐχαρίστησιν νὰ πληροφορήσῃ τὴν πολυπληθῆ πελατείαν της ὅτι ἔθεσεν εἰς τὴν διάθεσιν τοῦ κοινοῦ τὸ νέον της προϊόν:
FΑRΙΝΕ LΑCΤΕΕ
ΒΙSCUΙΤΕΕ
προϊὸν ἁγνόν, ἀποτελούμενον ἐκ γάλακτος ἀποστειρωμένου, ζαχάρεως RΑFFΙΝΕΕ καὶ ἀλεύρου ΒΙSCUΙΤ.
Τροφὴ δυναμωτικὴ καὶ εὔπεπτος, κατάλληλος καὶ διὰ τὸ πλέον εὐαίσθητον στομάχι. Ἰδεώδης διὰ τὰ βρέφη καὶ τοὺς γέροντας.

Ὁ δόκτωρ Μπάζερ διετύπωσε τὴν γνώμην ὅτι εἰς τὸ μέλλον οἱ ἄνθρωποι θὰ ταξιδεύουν εἰς τὸ διάστημα εἰς κατάστασιν ὕπνου.

κανονικαὶ χημικαὶ ἀλλοιώσεις εἰς κυττάρων καὶ θὰ παραμείνουν μέχρις ὅτου τεθοῦν ἐν ἐνεργείᾳ διὰ τῆς ἀποψύξεως.

Ἐὰν ὁ ἄνθρωπος μπορῇ νὰ ἐπιβιώσῃ εἰς κατάστασιν καταψύξεως, ὁ ὀργανισμὸς τοῦ θὰ ἐπανέλθῃ εἰς τὴν ζωὴν μετὰ τὴν πάροδον πολλῶν ἐτῶν.

Ἡ μέθοδος αὕτη ἐδοκιμάσθη ἤδη ἐπιτυχῶς εἰς ζῷα, εἶπεν ὁ δόκτωρ Μπάζερ.

Πολλοὶ πλανῆται εἶναι τόσον ἀπομεμακρυσμένοι ἀπὸ τὴν Γῆν, ὥστε θὰ ἐχρειάζοντο ἑκατοντάδες ἐτῶν διὰ νὰ φθάσῃ εἰς αὐτοὺς ἕνα διαστημόπλοιον κινούμενον μὲ ταχύτητα 25.000 μιλίων τὴν ὥραν.
